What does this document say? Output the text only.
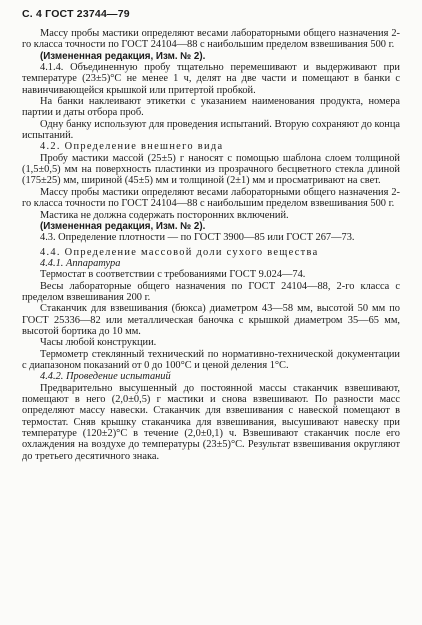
С. 4 ГОСТ 23744—79

Массу пробы мастики определяют весами лабораторными общего назначения 2-го класса точности по ГОСТ 24104—88 с наибольшим пределом взвешивания 500 г.

(Измененная редакция, Изм. № 2).

4.1.4. Объединенную пробу тщательно перемешивают и выдерживают при температуре (23±5)°С не менее 1 ч, делят на две части и помещают в банки с навинчивающейся крышкой или притертой пробкой.

На банки наклеивают этикетки с указанием наименования продукта, номера партии и даты отбора проб.

Одну банку используют для проведения испытаний. Вторую сохраняют до конца испытаний.

4.2. Определение внешнего вида

Пробу мастики массой (25±5) г наносят с помощью шаблона слоем толщиной (1,5±0,5) мм на поверхность пластинки из прозрачного бесцветного стекла длиной (175±25) мм, шириной (45±5) мм и толщиной (2±1) мм и просматривают на свет.

Массу пробы мастики определяют весами лабораторными общего назначения 2-го класса точности по ГОСТ 24104—88 с наибольшим пределом взвешивания 500 г.

Мастика не должна содержать посторонних включений.

(Измененная редакция, Изм. № 2).

4.3. Определение плотности — по ГОСТ 3900—85 или ГОСТ 267—73.

4.4. Определение массовой доли сухого вещества

4.4.1. Аппаратура

Термостат в соответствии с требованиями ГОСТ 9.024—74.

Весы лабораторные общего назначения по ГОСТ 24104—88, 2-го класса с пределом взвешивания 200 г.

Стаканчик для взвешивания (бюкса) диаметром 43—58 мм, высотой 50 мм по ГОСТ 25336—82 или металлическая баночка с крышкой диаметром 35—65 мм, высотой бортика до 10 мм.

Часы любой конструкции.

Термометр стеклянный технический по нормативно-технической документации с диапазоном показаний от 0 до 100°С и ценой деления 1°С.

4.4.2. Проведение испытаний

Предварительно высушенный до постоянной массы стаканчик взвешивают, помещают в него (2,0±0,5) г мастики и снова взвешивают. По разности масс определяют массу навески. Стаканчик для взвешивания с навеской помещают в термостат. Сняв крышку стаканчика для взвешивания, высушивают навеску при температуре (120±2)°С в течение (2,0±0,1) ч. Взвешивают стаканчик после его охлаждения на воздухе до температуры (23±5)°С. Результат взвешивания округляют до третьего десятичного знака.
